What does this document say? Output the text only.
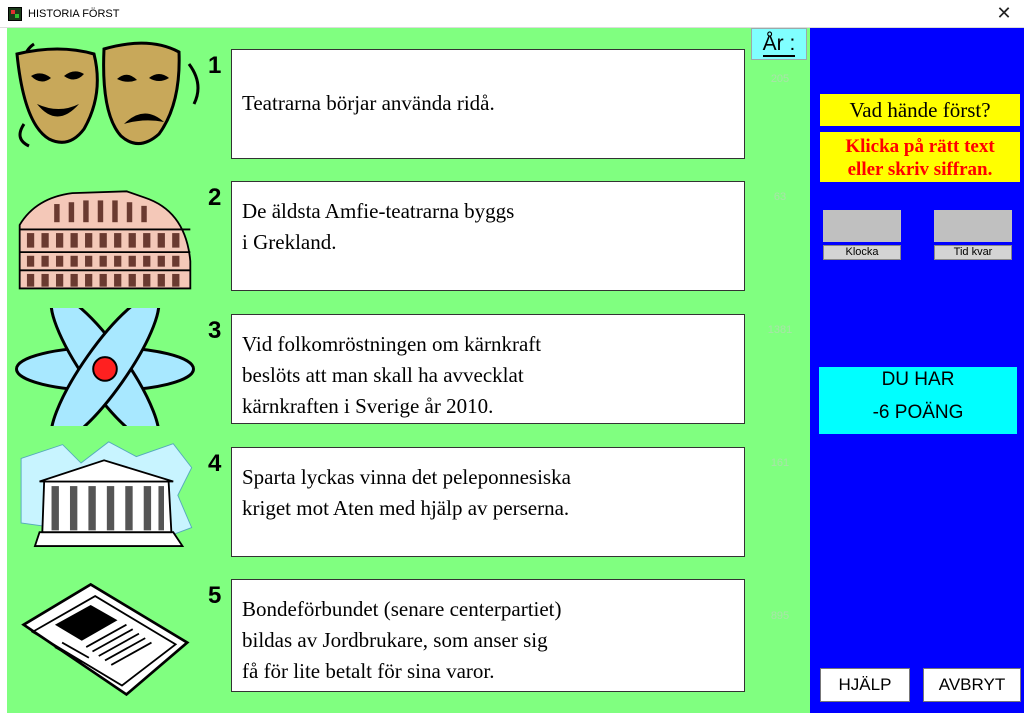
HISTORIA FÖRST	✕
1
Teatrarna börjar använda ridå.
205
2 De äldsta Amfie-teatrarna byggs
i Grekland.
63
3 Vid folkomröstningen om kärnkraft
beslöts att man skall ha avvecklat
kärnkraften i Sverige år 2010.
1381
4 Sparta lyckas vinna det peleponnesiska
kriget mot Aten med hjälp av perserna.
161
5 Bondeförbundet (senare centerpartiet)
bildas av Jordbrukare, som anser sig
få för lite betalt för sina varor.
895
År :
Vad hände först?
Klicka på rätt text
eller skriv siffran.
Klocka	Tid kvar
DU HAR
-6 POÄNG
HJÄLP	AVBRYT
